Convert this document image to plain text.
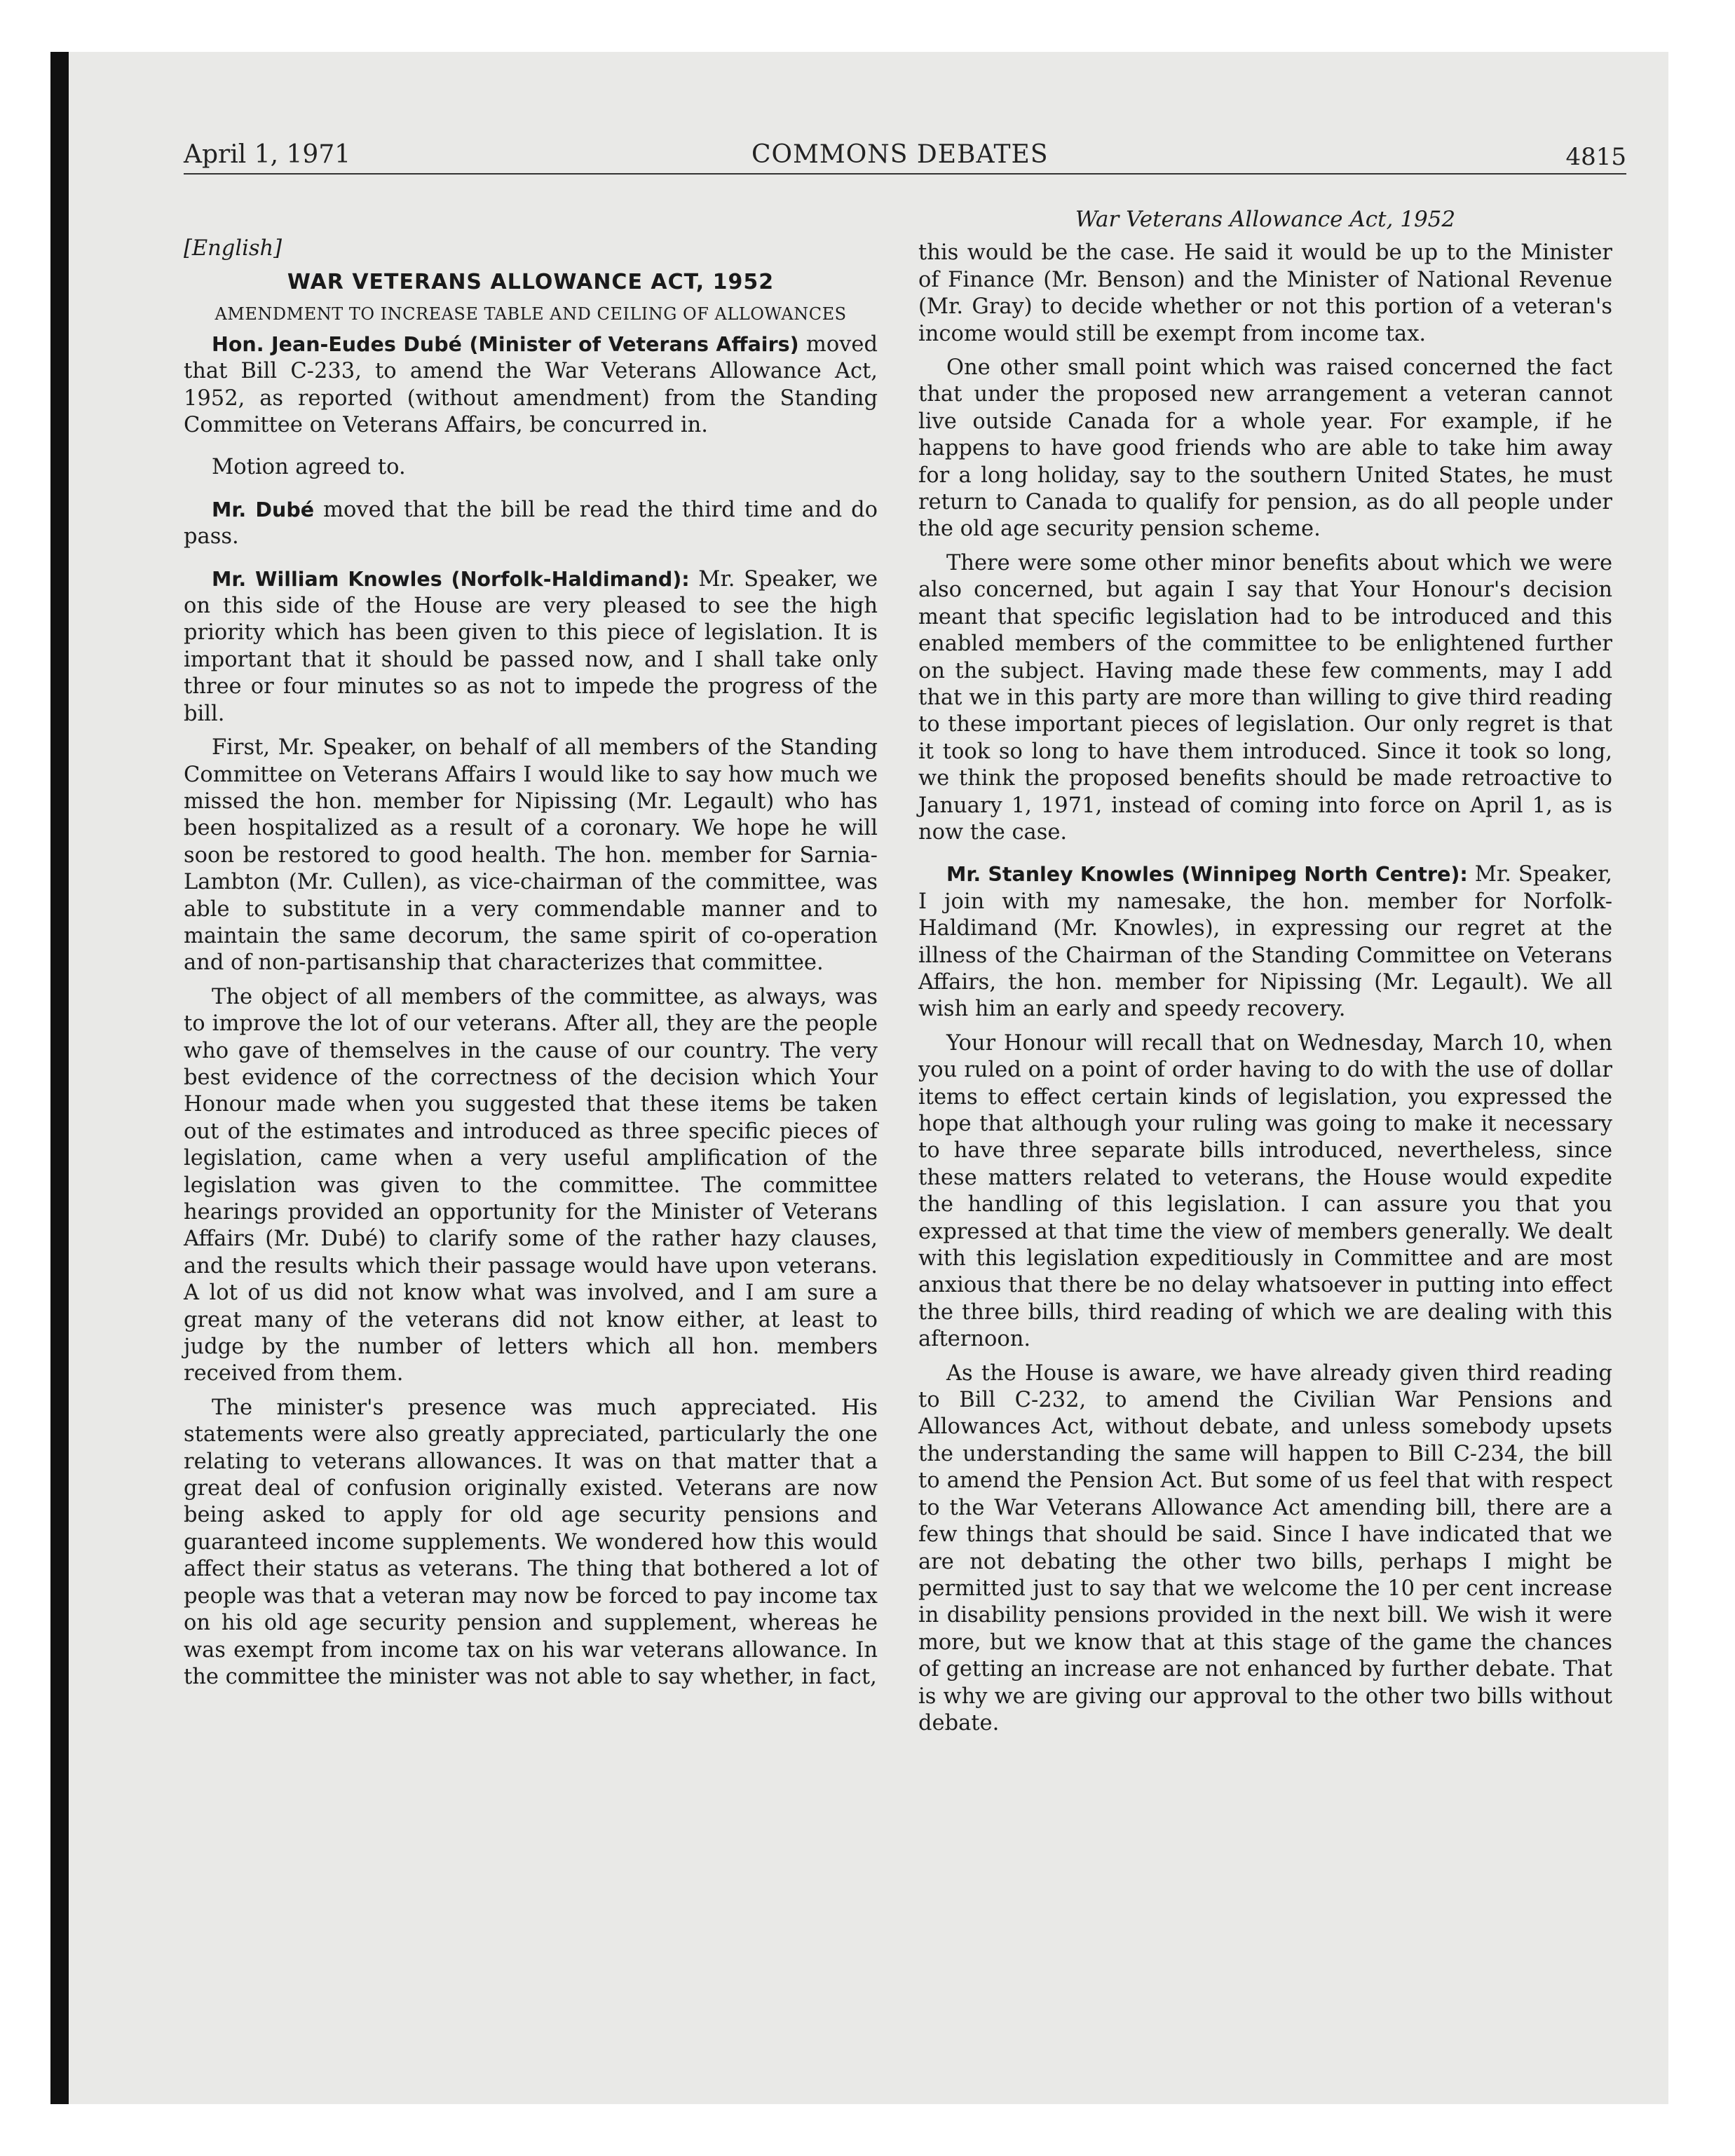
April 1, 1971	COMMONS DEBATES	4815

[English]

WAR VETERANS ALLOWANCE ACT, 1952

AMENDMENT TO INCREASE TABLE AND CEILING OF ALLOWANCES

Hon. Jean-Eudes Dubé (Minister of Veterans Affairs) moved that Bill C-233, to amend the War Veterans Allowance Act, 1952, as reported (without amendment) from the Standing Committee on Veterans Affairs, be concurred in.

Motion agreed to.

Mr. Dubé moved that the bill be read the third time and do pass.

Mr. William Knowles (Norfolk-Haldimand): Mr. Speaker, we on this side of the House are very pleased to see the high priority which has been given to this piece of legislation. It is important that it should be passed now, and I shall take only three or four minutes so as not to impede the progress of the bill.

First, Mr. Speaker, on behalf of all members of the Standing Committee on Veterans Affairs I would like to say how much we missed the hon. member for Nipissing (Mr. Legault) who has been hospitalized as a result of a coronary. We hope he will soon be restored to good health. The hon. member for Sarnia-Lambton (Mr. Cullen), as vice-chairman of the committee, was able to substitute in a very commendable manner and to maintain the same decorum, the same spirit of co-operation and of non-partisanship that characterizes that committee.

The object of all members of the committee, as always, was to improve the lot of our veterans. After all, they are the people who gave of themselves in the cause of our country. The very best evidence of the correctness of the decision which Your Honour made when you suggested that these items be taken out of the estimates and introduced as three specific pieces of legislation, came when a very useful amplification of the legislation was given to the committee. The committee hearings provided an opportunity for the Minister of Veterans Affairs (Mr. Dubé) to clarify some of the rather hazy clauses, and the results which their passage would have upon veterans. A lot of us did not know what was involved, and I am sure a great many of the veterans did not know either, at least to judge by the number of letters which all hon. members received from them.

The minister's presence was much appreciated. His statements were also greatly appreciated, particularly the one relating to veterans allowances. It was on that matter that a great deal of confusion originally existed. Veterans are now being asked to apply for old age security pensions and guaranteed income supplements. We wondered how this would affect their status as veterans. The thing that bothered a lot of people was that a veteran may now be forced to pay income tax on his old age security pension and supplement, whereas he was exempt from income tax on his war veterans allowance. In the committee the minister was not able to say whether, in fact,

War Veterans Allowance Act, 1952

this would be the case. He said it would be up to the Minister of Finance (Mr. Benson) and the Minister of National Revenue (Mr. Gray) to decide whether or not this portion of a veteran's income would still be exempt from income tax.

One other small point which was raised concerned the fact that under the proposed new arrangement a veteran cannot live outside Canada for a whole year. For example, if he happens to have good friends who are able to take him away for a long holiday, say to the southern United States, he must return to Canada to qualify for pension, as do all people under the old age security pension scheme.

There were some other minor benefits about which we were also concerned, but again I say that Your Honour's decision meant that specific legislation had to be introduced and this enabled members of the committee to be enlightened further on the subject. Having made these few comments, may I add that we in this party are more than willing to give third reading to these important pieces of legislation. Our only regret is that it took so long to have them introduced. Since it took so long, we think the proposed benefits should be made retroactive to January 1, 1971, instead of coming into force on April 1, as is now the case.

Mr. Stanley Knowles (Winnipeg North Centre): Mr. Speaker, I join with my namesake, the hon. member for Norfolk-Haldimand (Mr. Knowles), in expressing our regret at the illness of the Chairman of the Standing Committee on Veterans Affairs, the hon. member for Nipissing (Mr. Legault). We all wish him an early and speedy recovery.

Your Honour will recall that on Wednesday, March 10, when you ruled on a point of order having to do with the use of dollar items to effect certain kinds of legislation, you expressed the hope that although your ruling was going to make it necessary to have three separate bills introduced, nevertheless, since these matters related to veterans, the House would expedite the handling of this legislation. I can assure you that you expressed at that time the view of members generally. We dealt with this legislation expeditiously in Committee and are most anxious that there be no delay whatsoever in putting into effect the three bills, third reading of which we are dealing with this afternoon.

As the House is aware, we have already given third reading to Bill C-232, to amend the Civilian War Pensions and Allowances Act, without debate, and unless somebody upsets the understanding the same will happen to Bill C-234, the bill to amend the Pension Act. But some of us feel that with respect to the War Veterans Allowance Act amending bill, there are a few things that should be said. Since I have indicated that we are not debating the other two bills, perhaps I might be permitted just to say that we welcome the 10 per cent increase in disability pensions provided in the next bill. We wish it were more, but we know that at this stage of the game the chances of getting an increase are not enhanced by further debate. That is why we are giving our approval to the other two bills without debate.
